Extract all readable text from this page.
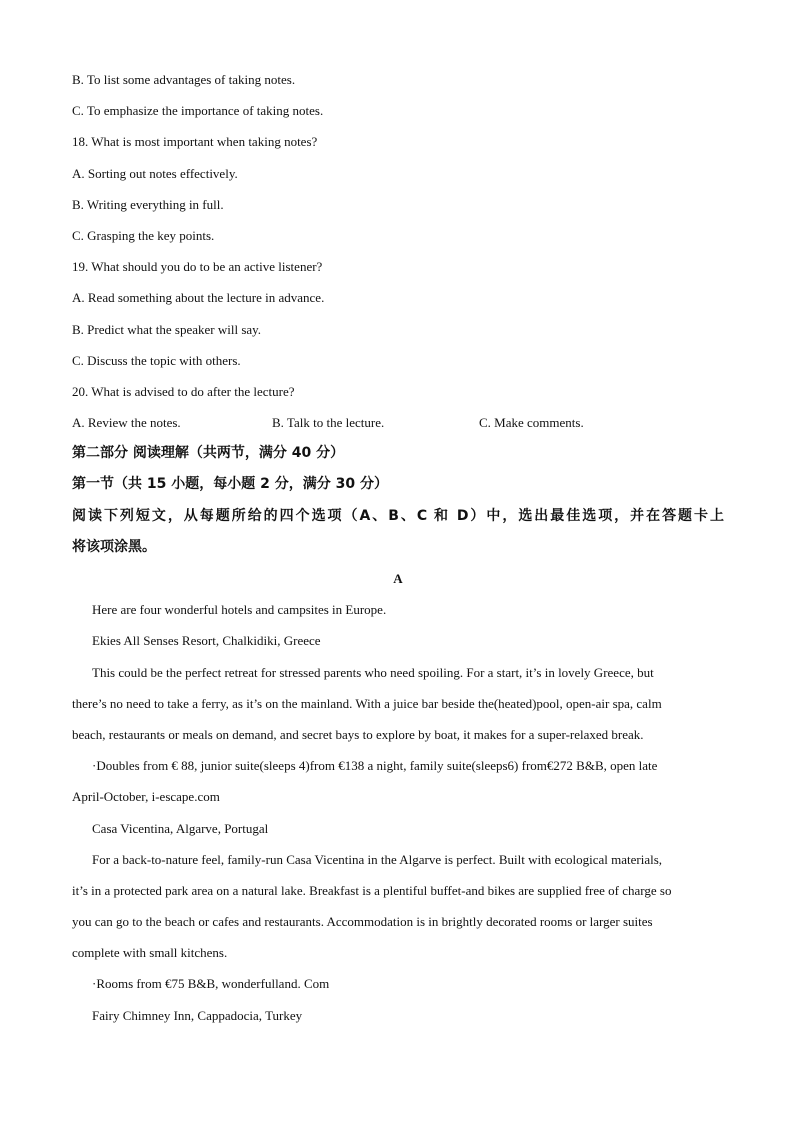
B. To list some advantages of taking notes.
C. To emphasize the importance of taking notes.
18. What is most important when taking notes?
A. Sorting out notes effectively.
B. Writing everything in full.
C. Grasping the key points.
19. What should you do to be an active listener?
A. Read something about the lecture in advance.
B. Predict what the speaker will say.
C. Discuss the topic with others.
20. What is advised to do after the lecture?
A. Review the notes.	B. Talk to the lecture.	C. Make comments.
第二部分 阅读理解（共两节，满分 40 分）
第一节（共 15 小题，每小题 2 分，满分 30 分）
阅读下列短文，从每题所给的四个选项（A、B、C 和 D）中，选出最佳选项，并在答题卡上
将该项涂黑。
A
Here are four wonderful hotels and campsites in Europe.
Ekies All Senses Resort, Chalkidiki, Greece
This could be the perfect retreat for stressed parents who need spoiling. For a start, it’s in lovely Greece, but
there’s no need to take a ferry, as it’s on the mainland. With a juice bar beside the(heated)pool, open-air spa, calm
beach, restaurants or meals on demand, and secret bays to explore by boat, it makes for a super-relaxed break.
·Doubles from € 88, junior suite(sleeps 4)from €138 a night, family suite(sleeps6) from€272 B&B, open late
April-October, i-escape.com
Casa Vicentina, Algarve, Portugal
For a back-to-nature feel, family-run Casa Vicentina in the Algarve is perfect. Built with ecological materials,
it’s in a protected park area on a natural lake. Breakfast is a plentiful buffet-and bikes are supplied free of charge so
you can go to the beach or cafes and restaurants. Accommodation is in brightly decorated rooms or larger suites
complete with small kitchens.
·Rooms from €75 B&B, wonderfulland. Com
Fairy Chimney Inn, Cappadocia, Turkey
